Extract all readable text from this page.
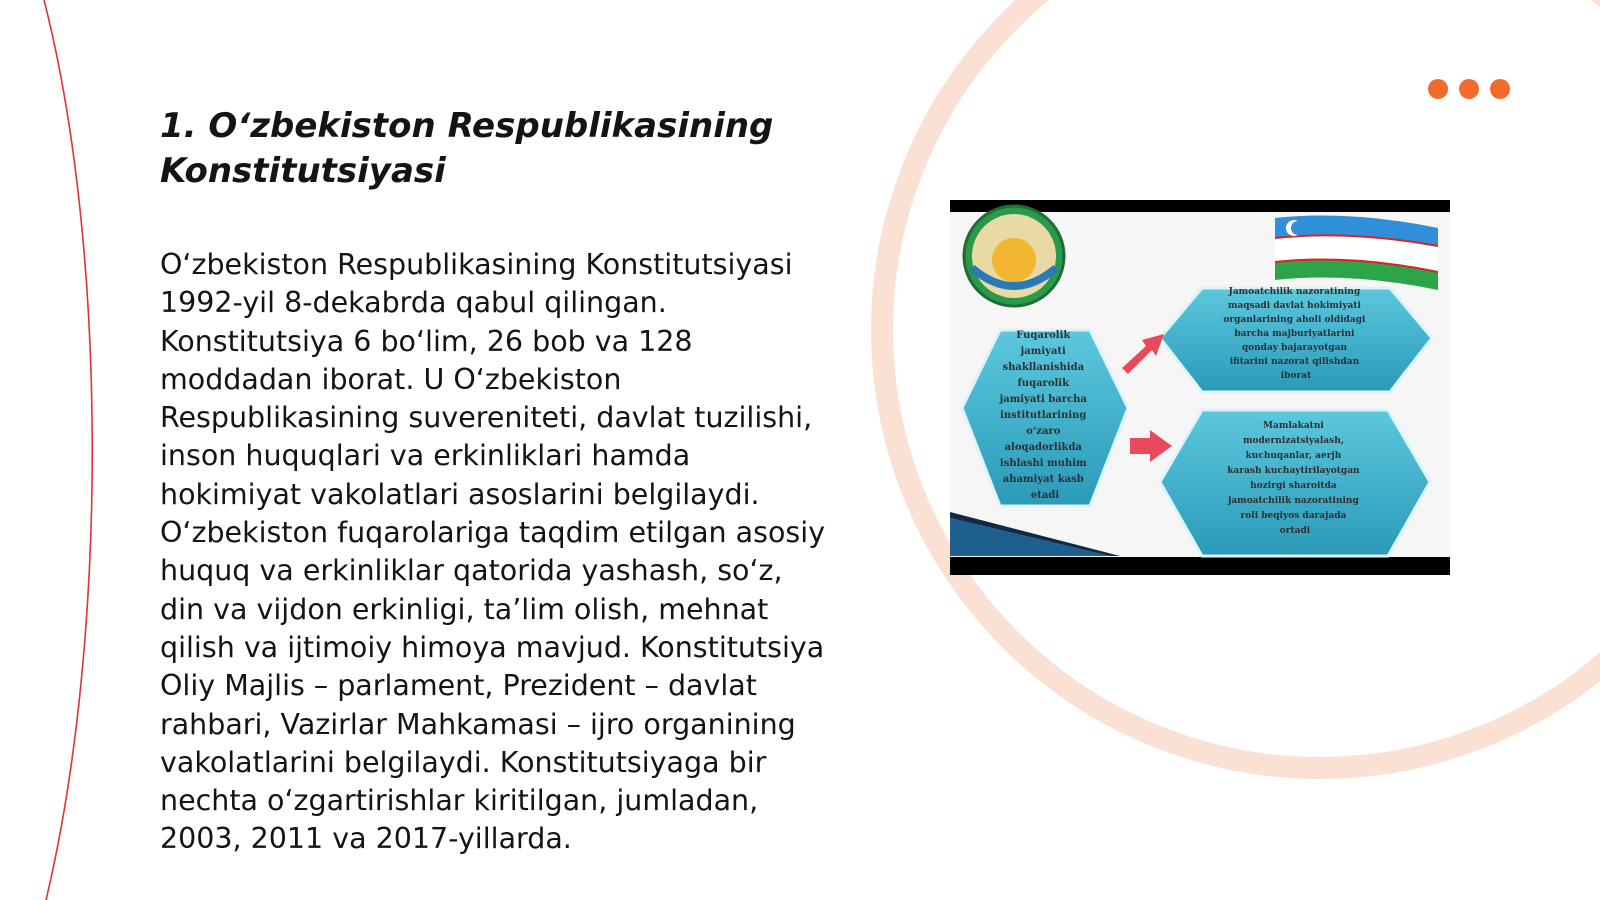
1. O‘zbekiston Respublikasining Konstitutsiyasi

O‘zbekiston Respublikasining Konstitutsiyasi 1992-yil 8-dekabrda qabul qilingan. Konstitutsiya 6 bo‘lim, 26 bob va 128 moddadan iborat. U O‘zbekiston Respublikasining suvereniteti, davlat tuzilishi, inson huquqlari va erkinliklari hamda hokimiyat vakolatlari asoslarini belgilaydi. O‘zbekiston fuqarolariga taqdim etilgan asosiy huquq va erkinliklar qatorida yashash, so‘z, din va vijdon erkinligi, ta’lim olish, mehnat qilish va ijtimoiy himoya mavjud. Konstitutsiya Oliy Majlis – parlament, Prezident – davlat rahbari, Vazirlar Mahkamasi – ijro organining vakolatlarini belgilaydi. Konstitutsiyaga bir nechta o‘zgartirishlar kiritilgan, jumladan, 2003, 2011 va 2017-yillarda.

Fuqarolik jamiyati shakllanishida fuqarolik jamiyati barcha institutlarining o‘zaro aloqadorlikda ishlashi muhim ahamiyat kasb etadi
Jamoatchilik nazoratining maqsadi davlat hokimiyati organlarining aholi oldidagi barcha majburiyatlarini qonday bajarayotgan ifitarini nazorat qilishdan iborat
Mamlakatni modernizatsiyalash, kuchuqanlar, aerjh karash kuchaytirilayotgan hozirgi sharoitda jamoatchilik nazoratining roli beqiyos darajada ortadi
